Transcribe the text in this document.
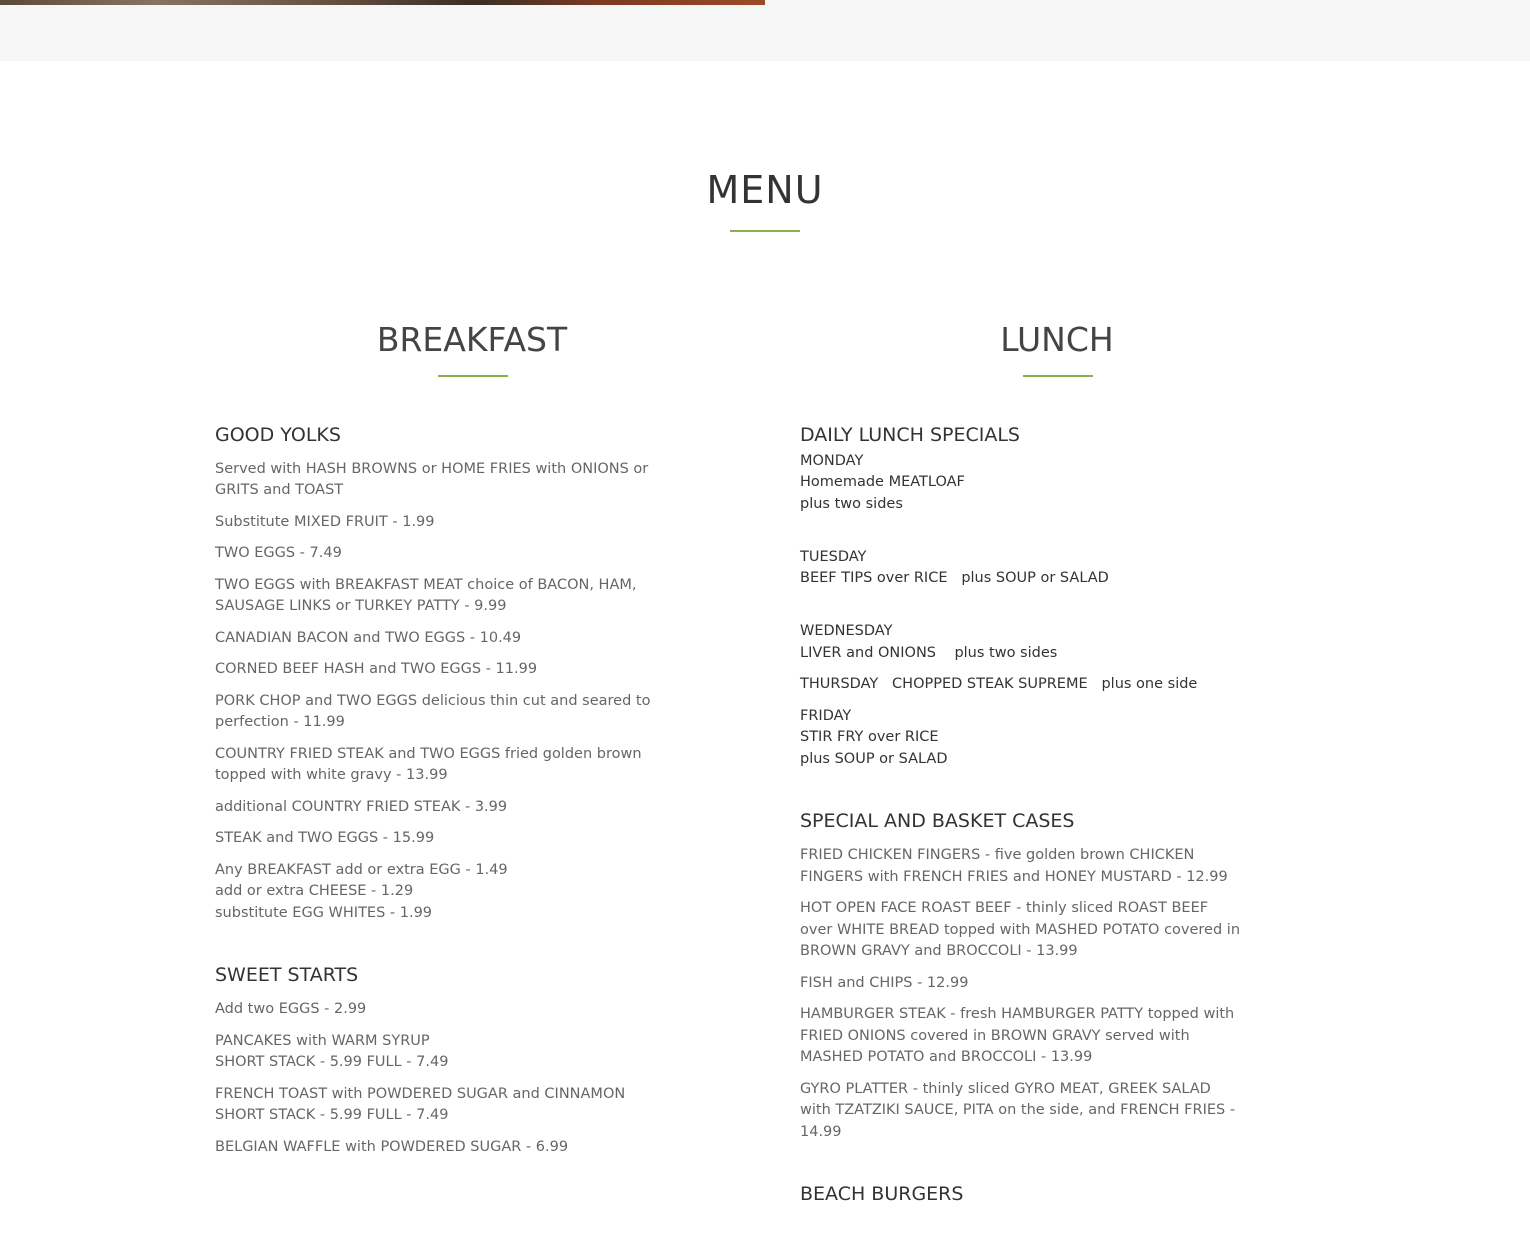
MENU
BREAKFAST	LUNCH
GOOD YOLKS

Served with HASH BROWNS or HOME FRIES with ONIONS or GRITS and TOAST

Substitute MIXED FRUIT - 1.99

TWO EGGS - 7.49

TWO EGGS with BREAKFAST MEAT choice of BACON, HAM, SAUSAGE LINKS or TURKEY PATTY - 9.99

CANADIAN BACON and TWO EGGS - 10.49

CORNED BEEF HASH and TWO EGGS - 11.99

PORK CHOP and TWO EGGS delicious thin cut and seared to perfection - 11.99

COUNTRY FRIED STEAK and TWO EGGS fried golden brown topped with white gravy - 13.99

additional COUNTRY FRIED STEAK - 3.99

STEAK and TWO EGGS - 15.99

Any BREAKFAST add or extra EGG - 1.49
add or extra CHEESE - 1.29
substitute EGG WHITES - 1.99

SWEET STARTS

Add two EGGS - 2.99

PANCAKES with WARM SYRUP
SHORT STACK - 5.99 FULL - 7.49

FRENCH TOAST with POWDERED SUGAR and CINNAMON
SHORT STACK - 5.99 FULL - 7.49

BELGIAN WAFFLE with POWDERED SUGAR - 6.99

DAILY LUNCH SPECIALS

MONDAY
Homemade MEATLOAF
plus two sides

TUESDAY
BEEF TIPS over RICE   plus SOUP or SALAD

WEDNESDAY
LIVER and ONIONS    plus two sides

THURSDAY   CHOPPED STEAK SUPREME   plus one side

FRIDAY
STIR FRY over RICE
plus SOUP or SALAD

SPECIAL AND BASKET CASES

FRIED CHICKEN FINGERS - five golden brown CHICKEN FINGERS with FRENCH FRIES and HONEY MUSTARD - 12.99

HOT OPEN FACE ROAST BEEF - thinly sliced ROAST BEEF over WHITE BREAD topped with MASHED POTATO covered in BROWN GRAVY and BROCCOLI - 13.99

FISH and CHIPS - 12.99

HAMBURGER STEAK - fresh HAMBURGER PATTY topped with FRIED ONIONS covered in BROWN GRAVY served with MASHED POTATO and BROCCOLI - 13.99

GYRO PLATTER - thinly sliced GYRO MEAT, GREEK SALAD with TZATZIKI SAUCE, PITA on the side, and FRENCH FRIES - 14.99

BEACH BURGERS
